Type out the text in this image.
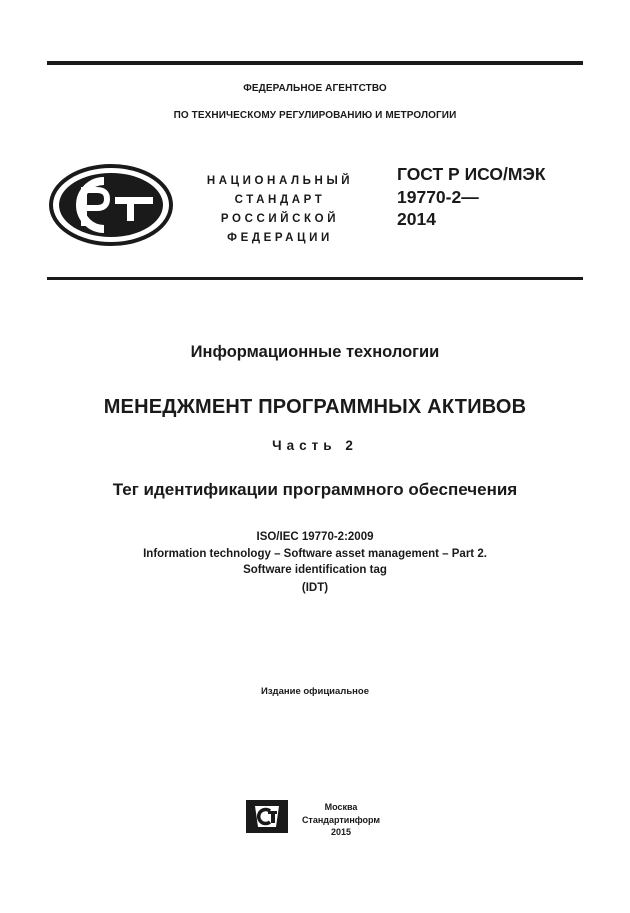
ФЕДЕРАЛЬНОЕ АГЕНТСТВО
ПО ТЕХНИЧЕСКОМУ РЕГУЛИРОВАНИЮ И МЕТРОЛОГИИ
НАЦИОНАЛЬНЫЙ
СТАНДАРТ
РОССИЙСКОЙ
ФЕДЕРАЦИИ
ГОСТ Р ИСО/МЭК
19770-2—
2014
Информационные технологии
МЕНЕДЖМЕНТ ПРОГРАММНЫХ АКТИВОВ
Часть 2
Тег идентификации программного обеспечения
ISO/IEC 19770-2:2009
Information technology – Software asset management – Part 2.
Software identification tag
(IDT)
Издание официальное
Москва
Стандартинформ
2015
